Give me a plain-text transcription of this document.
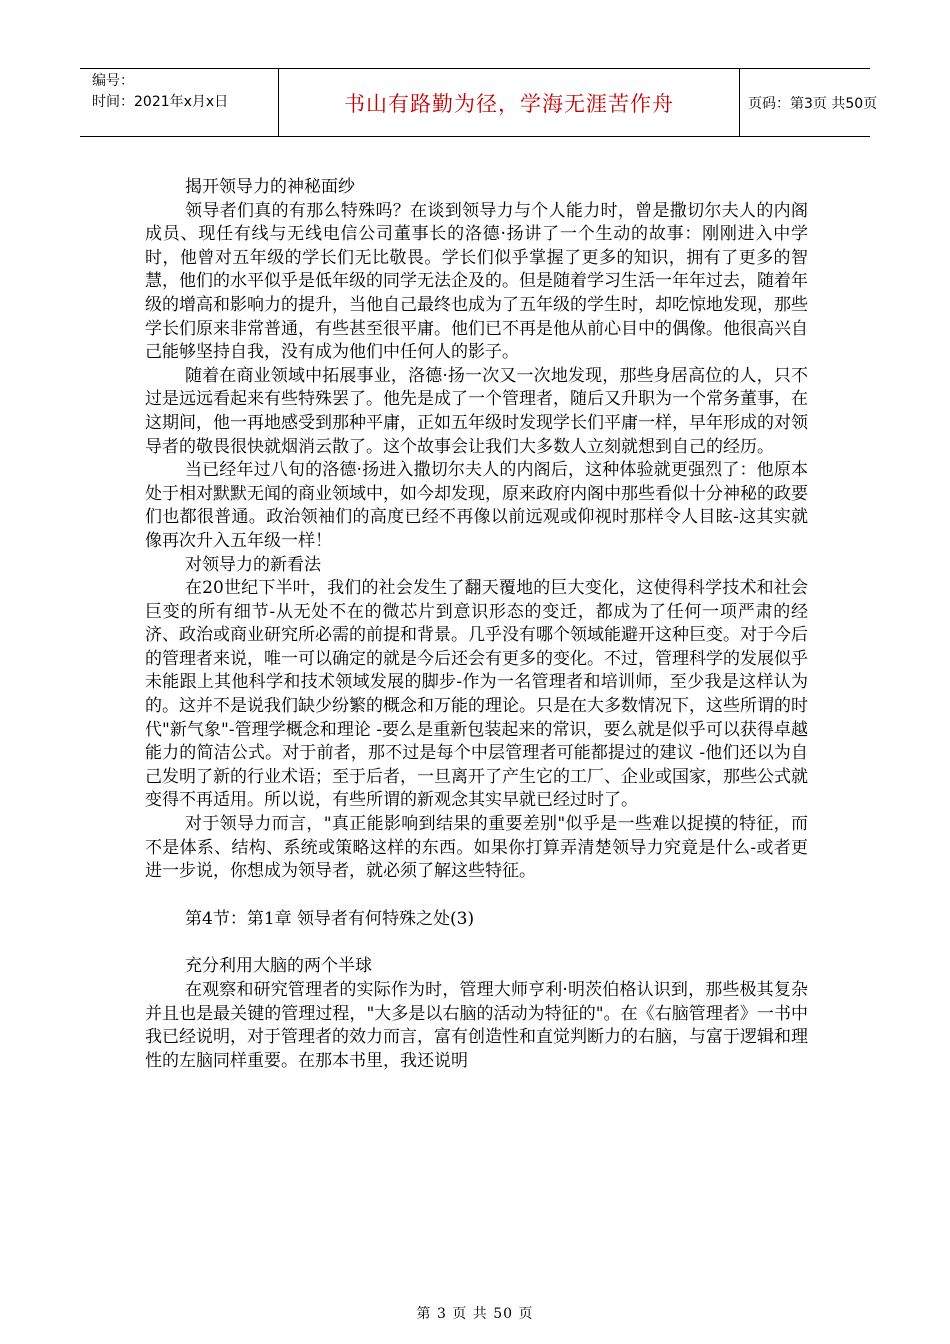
编号：
时间：2021年x月x日	书山有路勤为径，学海无涯苦作舟	页码：第3页 共50页

揭开领导力的神秘面纱

领导者们真的有那么特殊吗？在谈到领导力与个人能力时，曾是撒切尔夫人的内阁成员、现任有线与无线电信公司董事长的洛德·扬讲了一个生动的故事：刚刚进入中学时，他曾对五年级的学长们无比敬畏。学长们似乎掌握了更多的知识，拥有了更多的智慧，他们的水平似乎是低年级的同学无法企及的。但是随着学习生活一年年过去，随着年级的增高和影响力的提升，当他自己最终也成为了五年级的学生时，却吃惊地发现，那些学长们原来非常普通，有些甚至很平庸。他们已不再是他从前心目中的偶像。他很高兴自己能够坚持自我，没有成为他们中任何人的影子。

随着在商业领域中拓展事业，洛德·扬一次又一次地发现，那些身居高位的人，只不过是远远看起来有些特殊罢了。他先是成了一个管理者，随后又升职为一个常务董事，在这期间，他一再地感受到那种平庸，正如五年级时发现学长们平庸一样，早年形成的对领导者的敬畏很快就烟消云散了。这个故事会让我们大多数人立刻就想到自己的经历。

当已经年过八旬的洛德·扬进入撒切尔夫人的内阁后，这种体验就更强烈了：他原本处于相对默默无闻的商业领域中，如今却发现，原来政府内阁中那些看似十分神秘的政要们也都很普通。政治领袖们的高度已经不再像以前远观或仰视时那样令人目眩-这其实就像再次升入五年级一样！

对领导力的新看法

在20世纪下半叶，我们的社会发生了翻天覆地的巨大变化，这使得科学技术和社会巨变的所有细节-从无处不在的微芯片到意识形态的变迁，都成为了任何一项严肃的经济、政治或商业研究所必需的前提和背景。几乎没有哪个领域能避开这种巨变。对于今后的管理者来说，唯一可以确定的就是今后还会有更多的变化。不过，管理科学的发展似乎未能跟上其他科学和技术领域发展的脚步-作为一名管理者和培训师，至少我是这样认为的。这并不是说我们缺少纷繁的概念和万能的理论。只是在大多数情况下，这些所谓的时代"新气象"-管理学概念和理论 -要么是重新包装起来的常识，要么就是似乎可以获得卓越能力的简洁公式。对于前者，那不过是每个中层管理者可能都提过的建议 -他们还以为自己发明了新的行业术语；至于后者，一旦离开了产生它的工厂、企业或国家，那些公式就变得不再适用。所以说，有些所谓的新观念其实早就已经过时了。

对于领导力而言，"真正能影响到结果的重要差别"似乎是一些难以捉摸的特征，而不是体系、结构、系统或策略这样的东西。如果你打算弄清楚领导力究竟是什么-或者更进一步说，你想成为领导者，就必须了解这些特征。

第4节：第1章 领导者有何特殊之处(3)

充分利用大脑的两个半球

在观察和研究管理者的实际作为时，管理大师亨利·明茨伯格认识到，那些极其复杂并且也是最关键的管理过程，"大多是以右脑的活动为特征的"。在《右脑管理者》一书中我已经说明，对于管理者的效力而言，富有创造性和直觉判断力的右脑，与富于逻辑和理性的左脑同样重要。在那本书里，我还说明

第 3 页 共 50 页
